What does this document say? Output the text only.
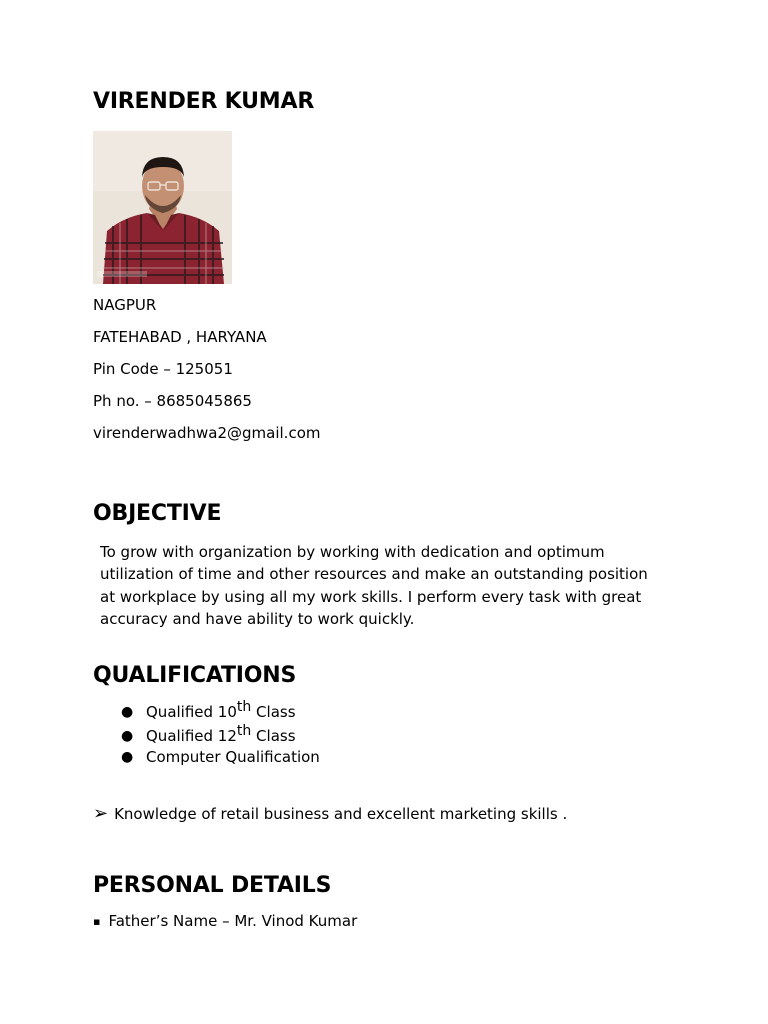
VIRENDER KUMAR

NAGPUR

FATEHABAD , HARYANA

Pin Code – 125051

Ph no. – 8685045865

virenderwadhwa2@gmail.com

OBJECTIVE

To grow with organization by working with dedication and optimum utilization of time and other resources and make an outstanding position at workplace by using all my work skills. I perform every task with great accuracy and have ability to work quickly.

QUALIFICATIONS
● Qualified 10th Class
● Qualified 12th Class
● Computer Qualification

➢ Knowledge of retail business and excellent marketing skills .

PERSONAL DETAILS

▪ Father’s Name – Mr. Vinod Kumar
